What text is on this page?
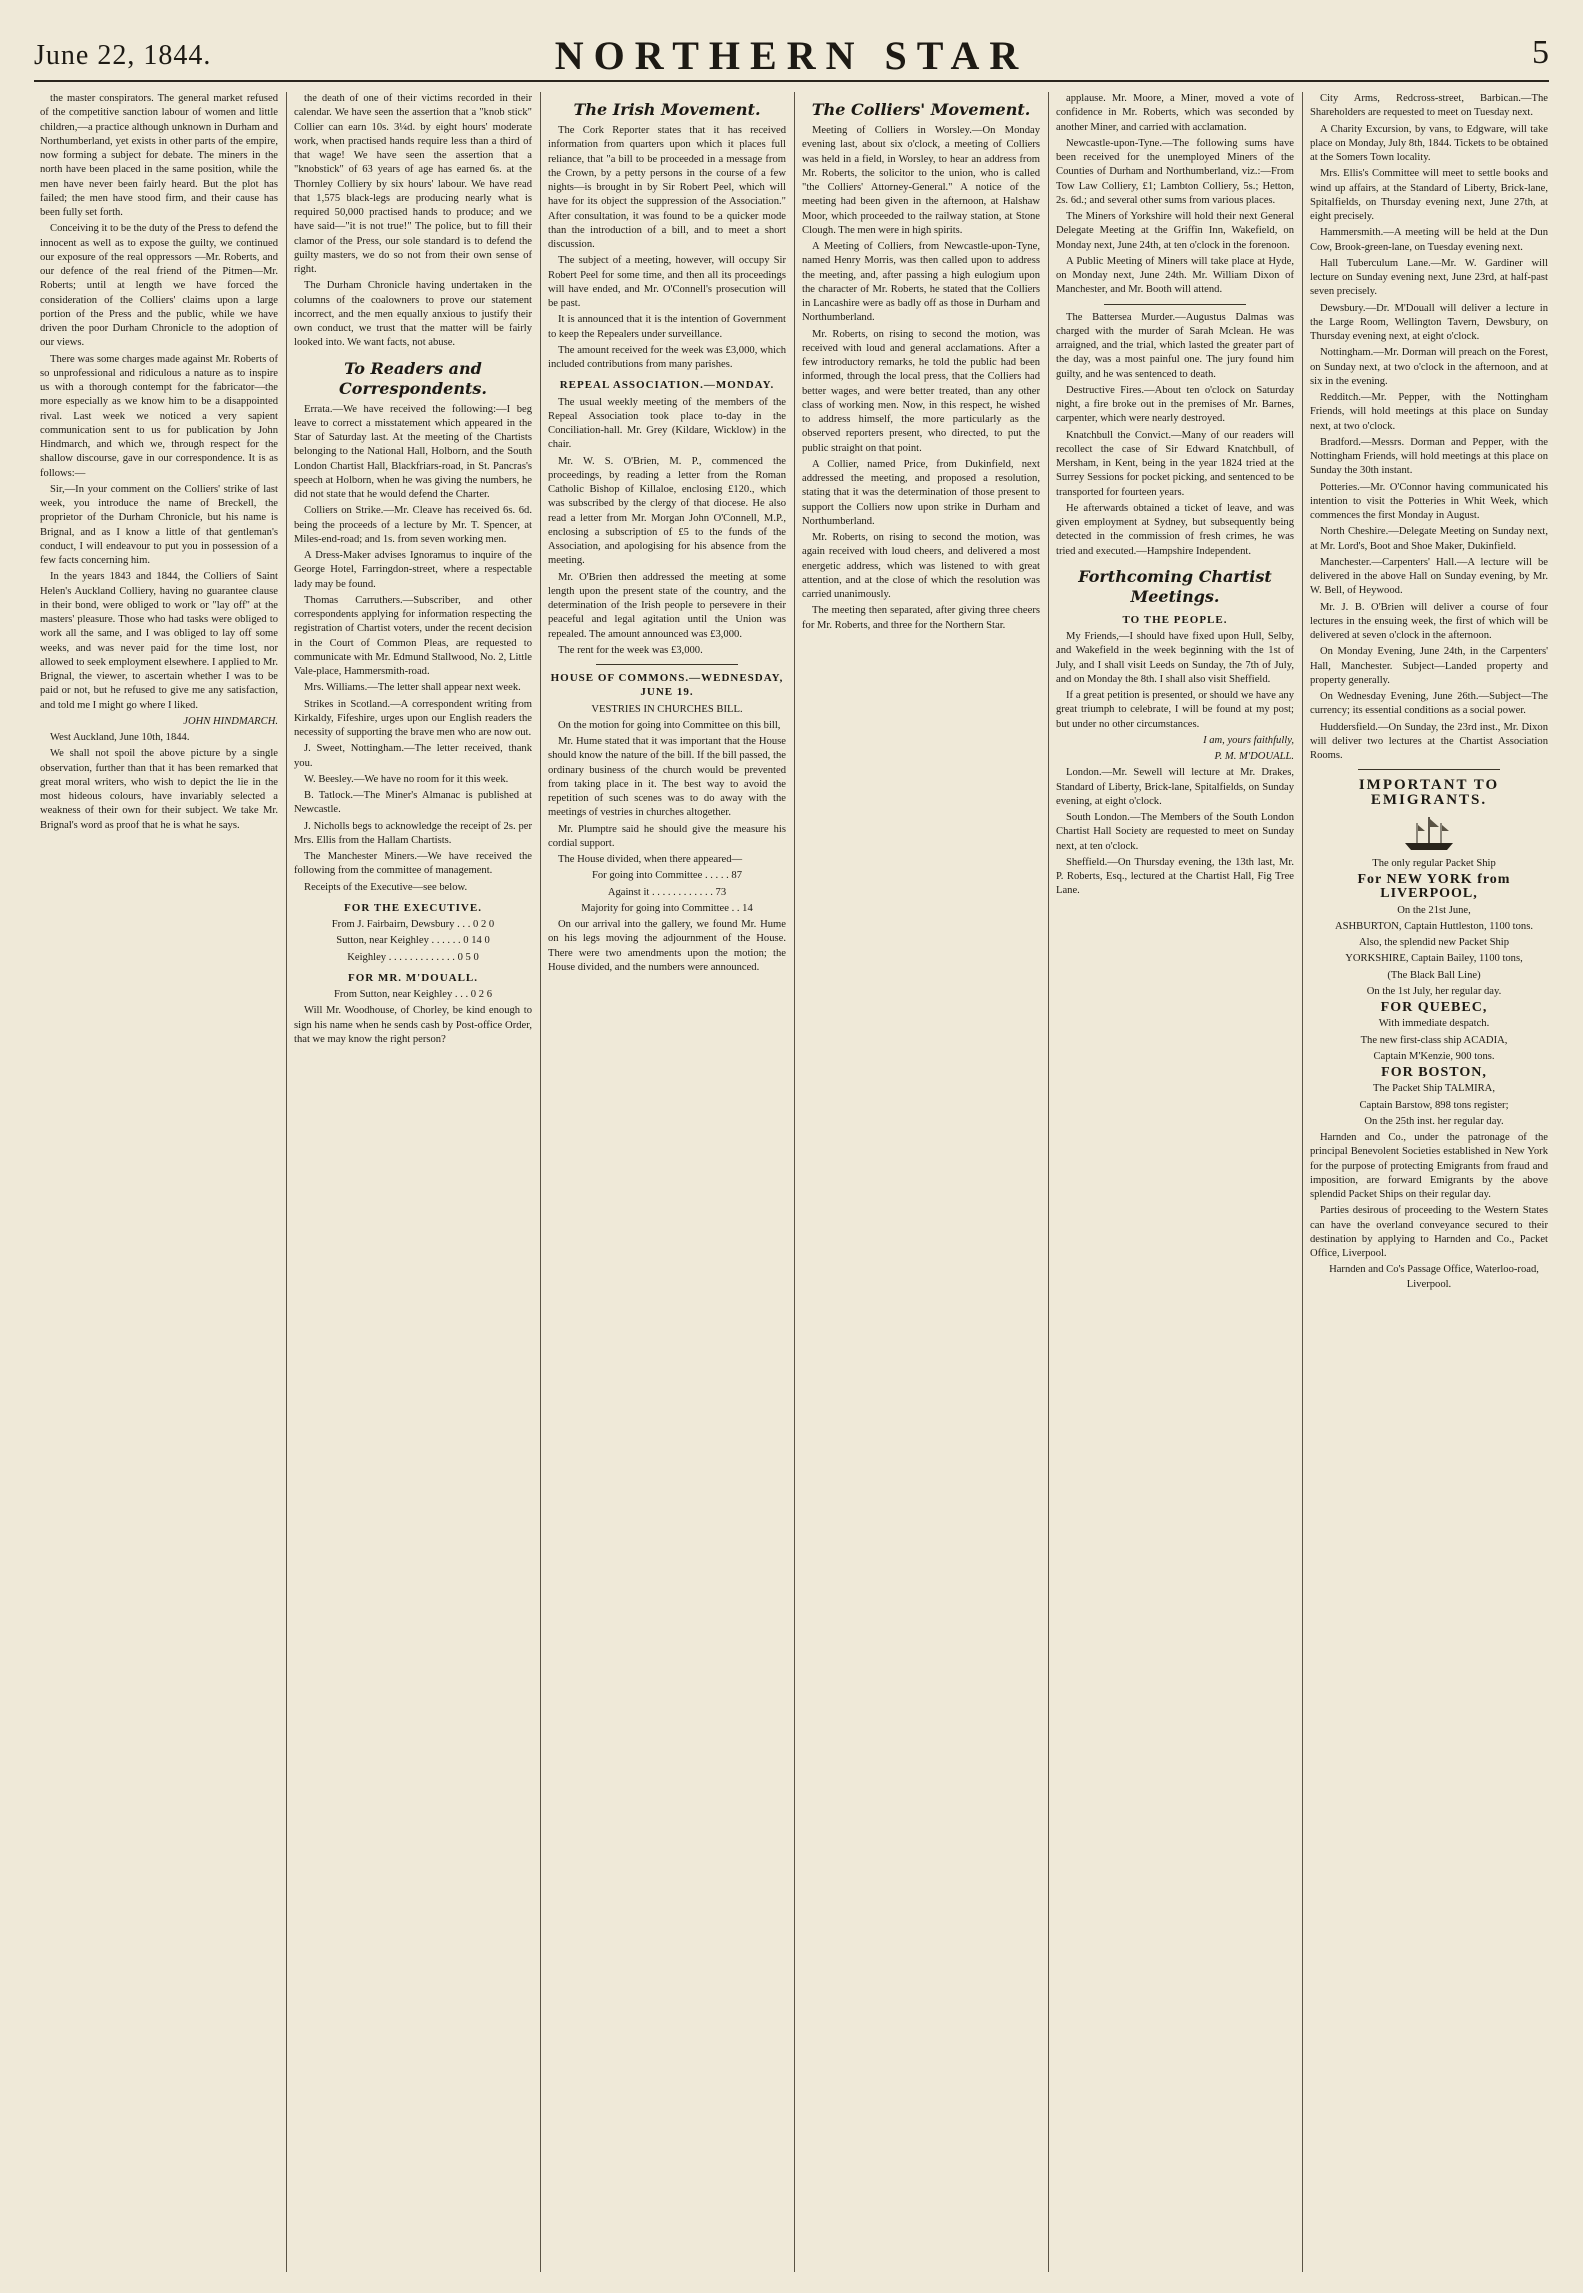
June 22, 1844.	NORTHERN STAR	5

the master conspirators. The general market refused of the competitive sanction labour of women and little children,—a practice although unknown in Durham and Northumberland, yet exists in other parts of the empire, now forming a subject for debate. The miners in the north have been placed in the same position, while the men have never been fairly heard. But the plot has failed; the men have stood firm, and their cause has been fully set forth.

Conceiving it to be the duty of the Press to defend the innocent as well as to expose the guilty, we continued our exposure of the real oppressors —Mr. Roberts, and our defence of the real friend of the Pitmen—Mr. Roberts; until at length we have forced the consideration of the Colliers' claims upon a large portion of the Press and the public, while we have driven the poor Durham Chronicle to the adoption of our views.

There was some charges made against Mr. Roberts of so unprofessional and ridiculous a nature as to inspire us with a thorough contempt for the fabricator—the more especially as we know him to be a disappointed rival. Last week we noticed a very sapient communication sent to us for publication by John Hindmarch, and which we, through respect for the shallow discourse, gave in our correspondence. It is as follows:—

Sir,—In your comment on the Colliers' strike of last week, you introduce the name of Breckell, the proprietor of the Durham Chronicle, but his name is Brignal, and as I know a little of that gentleman's conduct, I will endeavour to put you in possession of a few facts concerning him.

In the years 1843 and 1844, the Colliers of Saint Helen's Auckland Colliery, having no guarantee clause in their bond, were obliged to work or "lay off" at the masters' pleasure. Those who had tasks were obliged to work all the same, and I was obliged to lay off some weeks, and was never paid for the time lost, nor allowed to seek employment elsewhere. I applied to Mr. Brignal, the viewer, to ascertain whether I was to be paid or not, but he refused to give me any satisfaction, and told me I might go where I liked.

JOHN HINDMARCH.

West Auckland, June 10th, 1844.

We shall not spoil the above picture by a single observation, further than that it has been remarked that great moral writers, who wish to depict the lie in the most hideous colours, have invariably selected a weakness of their own for their subject. We take Mr. Brignal's word as proof that he is what he says.

the death of one of their victims recorded in their calendar. We have seen the assertion that a "knob stick" Collier can earn 10s. 3¼d. by eight hours' moderate work, when practised hands require less than a third of that wage! We have seen the assertion that a "knobstick" of 63 years of age has earned 6s. at the Thornley Colliery by six hours' labour. We have read that 1,575 black-legs are producing nearly what is required 50,000 practised hands to produce; and we have said—"it is not true!" The police, but to fill their clamor of the Press, our sole standard is to defend the guilty masters, we do so not from their own sense of right.

The Durham Chronicle having undertaken in the columns of the coalowners to prove our statement incorrect, and the men equally anxious to justify their own conduct, we trust that the matter will be fairly looked into. We want facts, not abuse.

To Readers and Correspondents.

Errata.—We have received the following:—I beg leave to correct a misstatement which appeared in the Star of Saturday last. At the meeting of the Chartists belonging to the National Hall, Holborn, and the South London Chartist Hall, Blackfriars-road, in St. Pancras's speech at Holborn, when he was giving the numbers, he did not state that he would defend the Charter.

Colliers on Strike.—Mr. Cleave has received 6s. 6d. being the proceeds of a lecture by Mr. T. Spencer, at Miles-end-road; and 1s. from seven working men.

A Dress-Maker advises Ignoramus to inquire of the George Hotel, Farringdon-street, where a respectable lady may be found.

Thomas Carruthers.—Subscriber, and other correspondents applying for information respecting the registration of Chartist voters, under the recent decision in the Court of Common Pleas, are requested to communicate with Mr. Edmund Stallwood, No. 2, Little Vale-place, Hammersmith-road.

Mrs. Williams.—The letter shall appear next week.

Strikes in Scotland.—A correspondent writing from Kirkaldy, Fifeshire, urges upon our English readers the necessity of supporting the brave men who are now out.

J. Sweet, Nottingham.—The letter received, thank you.

W. Beesley.—We have no room for it this week.

B. Tatlock.—The Miner's Almanac is published at Newcastle.

J. Nicholls begs to acknowledge the receipt of 2s. per Mrs. Ellis from the Hallam Chartists.

The Manchester Miners.—We have received the following from the committee of management.

Receipts of the Executive—see below.

FOR THE EXECUTIVE.

From J. Fairbairn, Dewsbury . . . 0 2 0

Sutton, near Keighley . . . . . . 0 14 0

Keighley . . . . . . . . . . . . . 0 5 0

FOR MR. M'DOUALL.

From Sutton, near Keighley . . . 0 2 6

Will Mr. Woodhouse, of Chorley, be kind enough to sign his name when he sends cash by Post-office Order, that we may know the right person?

The Irish Movement.

The Cork Reporter states that it has received information from quarters upon which it places full reliance, that "a bill to be proceeded in a message from the Crown, by a petty persons in the course of a few nights—is brought in by Sir Robert Peel, which will have for its object the suppression of the Association." After consultation, it was found to be a quicker mode than the introduction of a bill, and to meet a short discussion.

The subject of a meeting, however, will occupy Sir Robert Peel for some time, and then all its proceedings will have ended, and Mr. O'Connell's prosecution will be past.

It is announced that it is the intention of Government to keep the Repealers under surveillance.

The amount received for the week was £3,000, which included contributions from many parishes.

REPEAL ASSOCIATION.—MONDAY.

The usual weekly meeting of the members of the Repeal Association took place to-day in the Conciliation-hall. Mr. Grey (Kildare, Wicklow) in the chair.

Mr. W. S. O'Brien, M. P., commenced the proceedings, by reading a letter from the Roman Catholic Bishop of Killaloe, enclosing £120., which was subscribed by the clergy of that diocese. He also read a letter from Mr. Morgan John O'Connell, M.P., enclosing a subscription of £5 to the funds of the Association, and apologising for his absence from the meeting.

Mr. O'Brien then addressed the meeting at some length upon the present state of the country, and the determination of the Irish people to persevere in their peaceful and legal agitation until the Union was repealed. The amount announced was £3,000.

The rent for the week was £3,000.

HOUSE OF COMMONS.—WEDNESDAY, JUNE 19.

VESTRIES IN CHURCHES BILL.

On the motion for going into Committee on this bill,

Mr. Hume stated that it was important that the House should know the nature of the bill. If the bill passed, the ordinary business of the church would be prevented from taking place in it. The best way to avoid the repetition of such scenes was to do away with the meetings of vestries in churches altogether.

Mr. Plumptre said he should give the measure his cordial support.

The House divided, when there appeared—

For going into Committee . . . . . 87

Against it . . . . . . . . . . . . 73

Majority for going into Committee . . 14

On our arrival into the gallery, we found Mr. Hume on his legs moving the adjournment of the House. There were two amendments upon the motion; the House divided, and the numbers were announced.

The Colliers' Movement.

Meeting of Colliers in Worsley.—On Monday evening last, about six o'clock, a meeting of Colliers was held in a field, in Worsley, to hear an address from Mr. Roberts, the solicitor to the union, who is called "the Colliers' Attorney-General." A notice of the meeting had been given in the afternoon, at Halshaw Moor, which proceeded to the railway station, at Stone Clough. The men were in high spirits.

A Meeting of Colliers, from Newcastle-upon-Tyne, named Henry Morris, was then called upon to address the meeting, and, after passing a high eulogium upon the character of Mr. Roberts, he stated that the Colliers in Lancashire were as badly off as those in Durham and Northumberland.

Mr. Roberts, on rising to second the motion, was received with loud and general acclamations. After a few introductory remarks, he told the public had been informed, through the local press, that the Colliers had better wages, and were better treated, than any other class of working men. Now, in this respect, he wished to address himself, the more particularly as the observed reporters present, who directed, to put the public straight on that point.

A Collier, named Price, from Dukinfield, next addressed the meeting, and proposed a resolution, stating that it was the determination of those present to support the Colliers now upon strike in Durham and Northumberland.

Mr. Roberts, on rising to second the motion, was again received with loud cheers, and delivered a most energetic address, which was listened to with great attention, and at the close of which the resolution was carried unanimously.

The meeting then separated, after giving three cheers for Mr. Roberts, and three for the Northern Star.

applause. Mr. Moore, a Miner, moved a vote of confidence in Mr. Roberts, which was seconded by another Miner, and carried with acclamation.

Newcastle-upon-Tyne.—The following sums have been received for the unemployed Miners of the Counties of Durham and Northumberland, viz.:—From Tow Law Colliery, £1; Lambton Colliery, 5s.; Hetton, 2s. 6d.; and several other sums from various places.

The Miners of Yorkshire will hold their next General Delegate Meeting at the Griffin Inn, Wakefield, on Monday next, June 24th, at ten o'clock in the forenoon.

A Public Meeting of Miners will take place at Hyde, on Monday next, June 24th. Mr. William Dixon of Manchester, and Mr. Booth will attend.

The Battersea Murder.—Augustus Dalmas was charged with the murder of Sarah Mclean. He was arraigned, and the trial, which lasted the greater part of the day, was a most painful one. The jury found him guilty, and he was sentenced to death.

Destructive Fires.—About ten o'clock on Saturday night, a fire broke out in the premises of Mr. Barnes, carpenter, which were nearly destroyed.

Knatchbull the Convict.—Many of our readers will recollect the case of Sir Edward Knatchbull, of Mersham, in Kent, being in the year 1824 tried at the Surrey Sessions for pocket picking, and sentenced to be transported for fourteen years.

He afterwards obtained a ticket of leave, and was given employment at Sydney, but subsequently being detected in the commission of fresh crimes, he was tried and executed.—Hampshire Independent.

Forthcoming Chartist Meetings.
TO THE PEOPLE.

My Friends,—I should have fixed upon Hull, Selby, and Wakefield in the week beginning with the 1st of July, and I shall visit Leeds on Sunday, the 7th of July, and on Monday the 8th. I shall also visit Sheffield.

If a great petition is presented, or should we have any great triumph to celebrate, I will be found at my post; but under no other circumstances.

I am, yours faithfully,

P. M. M'DOUALL.

London.—Mr. Sewell will lecture at Mr. Drakes, Standard of Liberty, Brick-lane, Spitalfields, on Sunday evening, at eight o'clock.

South London.—The Members of the South London Chartist Hall Society are requested to meet on Sunday next, at ten o'clock.

Sheffield.—On Thursday evening, the 13th last, Mr. P. Roberts, Esq., lectured at the Chartist Hall, Fig Tree Lane.

City Arms, Redcross-street, Barbican.—The Shareholders are requested to meet on Tuesday next.

A Charity Excursion, by vans, to Edgware, will take place on Monday, July 8th, 1844. Tickets to be obtained at the Somers Town locality.

Mrs. Ellis's Committee will meet to settle books and wind up affairs, at the Standard of Liberty, Brick-lane, Spitalfields, on Thursday evening next, June 27th, at eight precisely.

Hammersmith.—A meeting will be held at the Dun Cow, Brook-green-lane, on Tuesday evening next.

Hall Tuberculum Lane.—Mr. W. Gardiner will lecture on Sunday evening next, June 23rd, at half-past seven precisely.

Dewsbury.—Dr. M'Douall will deliver a lecture in the Large Room, Wellington Tavern, Dewsbury, on Thursday evening next, at eight o'clock.

Nottingham.—Mr. Dorman will preach on the Forest, on Sunday next, at two o'clock in the afternoon, and at six in the evening.

Redditch.—Mr. Pepper, with the Nottingham Friends, will hold meetings at this place on Sunday next, at two o'clock.

Bradford.—Messrs. Dorman and Pepper, with the Nottingham Friends, will hold meetings at this place on Sunday the 30th instant.

Potteries.—Mr. O'Connor having communicated his intention to visit the Potteries in Whit Week, which commences the first Monday in August.

North Cheshire.—Delegate Meeting on Sunday next, at Mr. Lord's, Boot and Shoe Maker, Dukinfield.

Manchester.—Carpenters' Hall.—A lecture will be delivered in the above Hall on Sunday evening, by Mr. W. Bell, of Heywood.

Mr. J. B. O'Brien will deliver a course of four lectures in the ensuing week, the first of which will be delivered at seven o'clock in the afternoon.

On Monday Evening, June 24th, in the Carpenters' Hall, Manchester. Subject—Landed property and property generally.

On Wednesday Evening, June 26th.—Subject—The currency; its essential conditions as a social power.

Huddersfield.—On Sunday, the 23rd inst., Mr. Dixon will deliver two lectures at the Chartist Association Rooms.

IMPORTANT TO EMIGRANTS.

The only regular Packet Ship

For NEW YORK from LIVERPOOL,

On the 21st June,

ASHBURTON, Captain Huttleston, 1100 tons.

Also, the splendid new Packet Ship

YORKSHIRE, Captain Bailey, 1100 tons,

(The Black Ball Line)

On the 1st July, her regular day.

FOR QUEBEC,

With immediate despatch.

The new first-class ship ACADIA,

Captain M'Kenzie, 900 tons.

FOR BOSTON,

The Packet Ship TALMIRA,

Captain Barstow, 898 tons register;

On the 25th inst. her regular day.

Harnden and Co., under the patronage of the principal Benevolent Societies established in New York for the purpose of protecting Emigrants from fraud and imposition, are forward Emigrants by the above splendid Packet Ships on their regular day.

Parties desirous of proceeding to the Western States can have the overland conveyance secured to their destination by applying to Harnden and Co., Packet Office, Liverpool.

Harnden and Co's Passage Office, Waterloo-road, Liverpool.
